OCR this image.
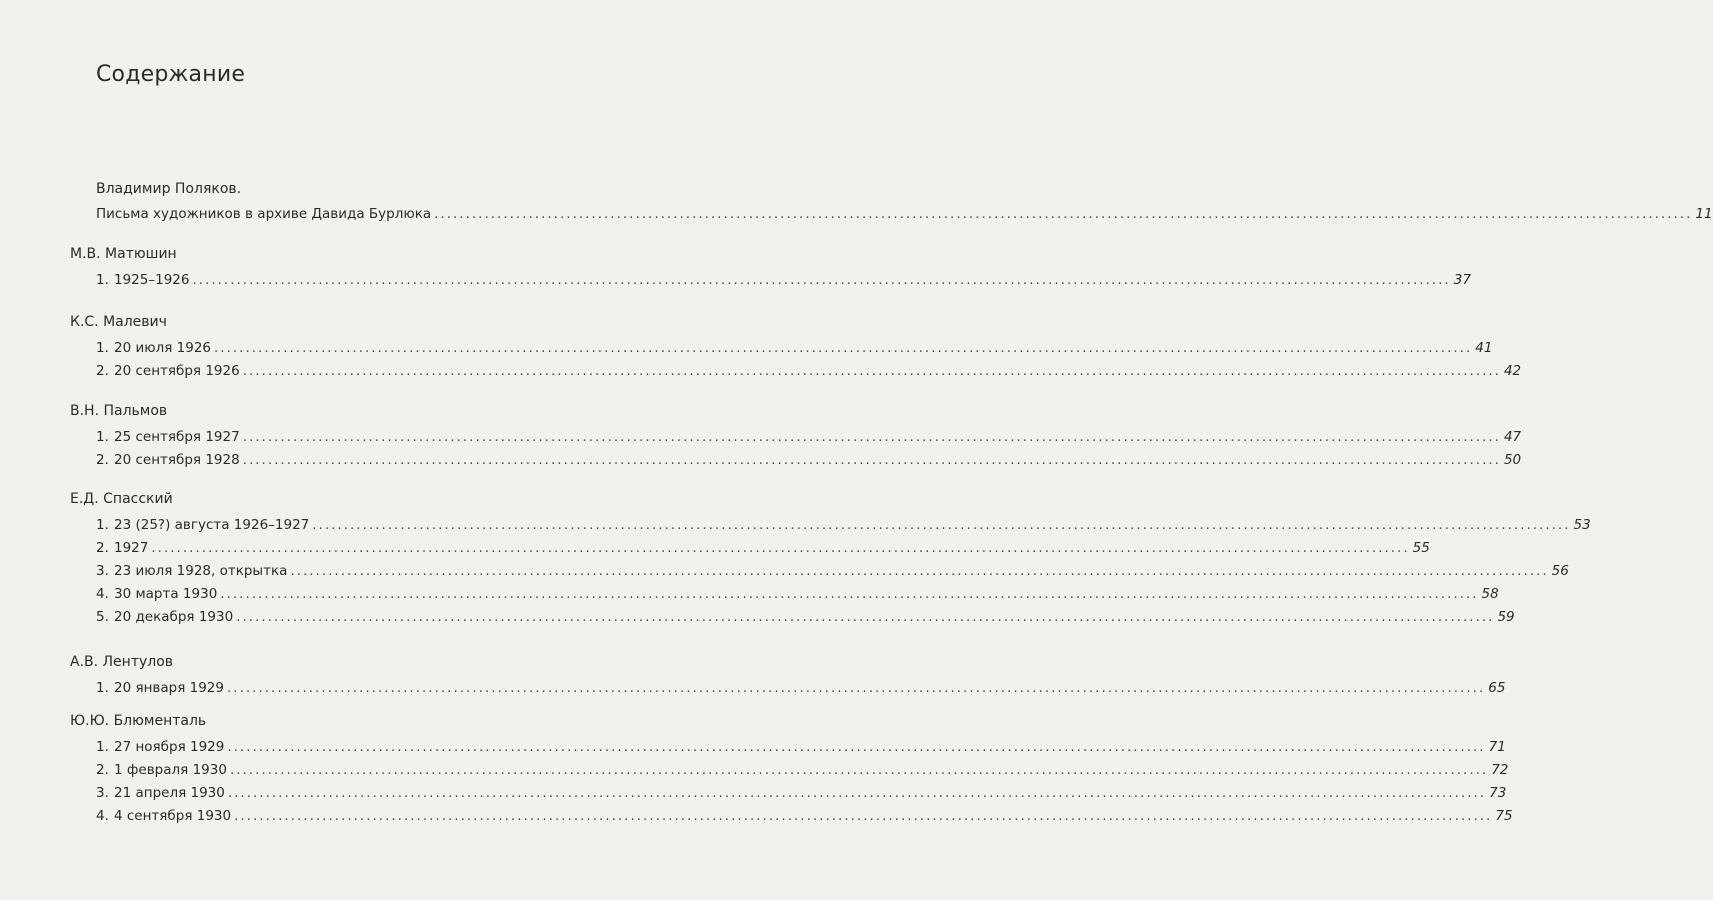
Содержание
Владимир Поляков.
Письма художников в архиве Давида Бурлюка ........................................................................................................................................................................................................ 11
М.В. Матюшин
1. 1925–1926 ........................................................................................................................................................................................................ 37
К.С. Малевич
1. 20 июля 1926 ........................................................................................................................................................................................................ 41
2. 20 сентября 1926 ........................................................................................................................................................................................................ 42
В.Н. Пальмов
1. 25 сентября 1927 ........................................................................................................................................................................................................ 47
2. 20 сентября 1928 ........................................................................................................................................................................................................ 50
Е.Д. Спасский
1. 23 (25?) августа 1926–1927 ........................................................................................................................................................................................................ 53
2. 1927 ........................................................................................................................................................................................................ 55
3. 23 июля 1928, открытка ........................................................................................................................................................................................................ 56
4. 30 марта 1930 ........................................................................................................................................................................................................ 58
5. 20 декабря 1930 ........................................................................................................................................................................................................ 59
А.В. Лентулов
1. 20 января 1929 ........................................................................................................................................................................................................ 65
Ю.Ю. Блюменталь
1. 27 ноября 1929 ........................................................................................................................................................................................................ 71
2. 1 февраля 1930 ........................................................................................................................................................................................................ 72
3. 21 апреля 1930 ........................................................................................................................................................................................................ 73
4. 4 сентября 1930 ........................................................................................................................................................................................................ 75
